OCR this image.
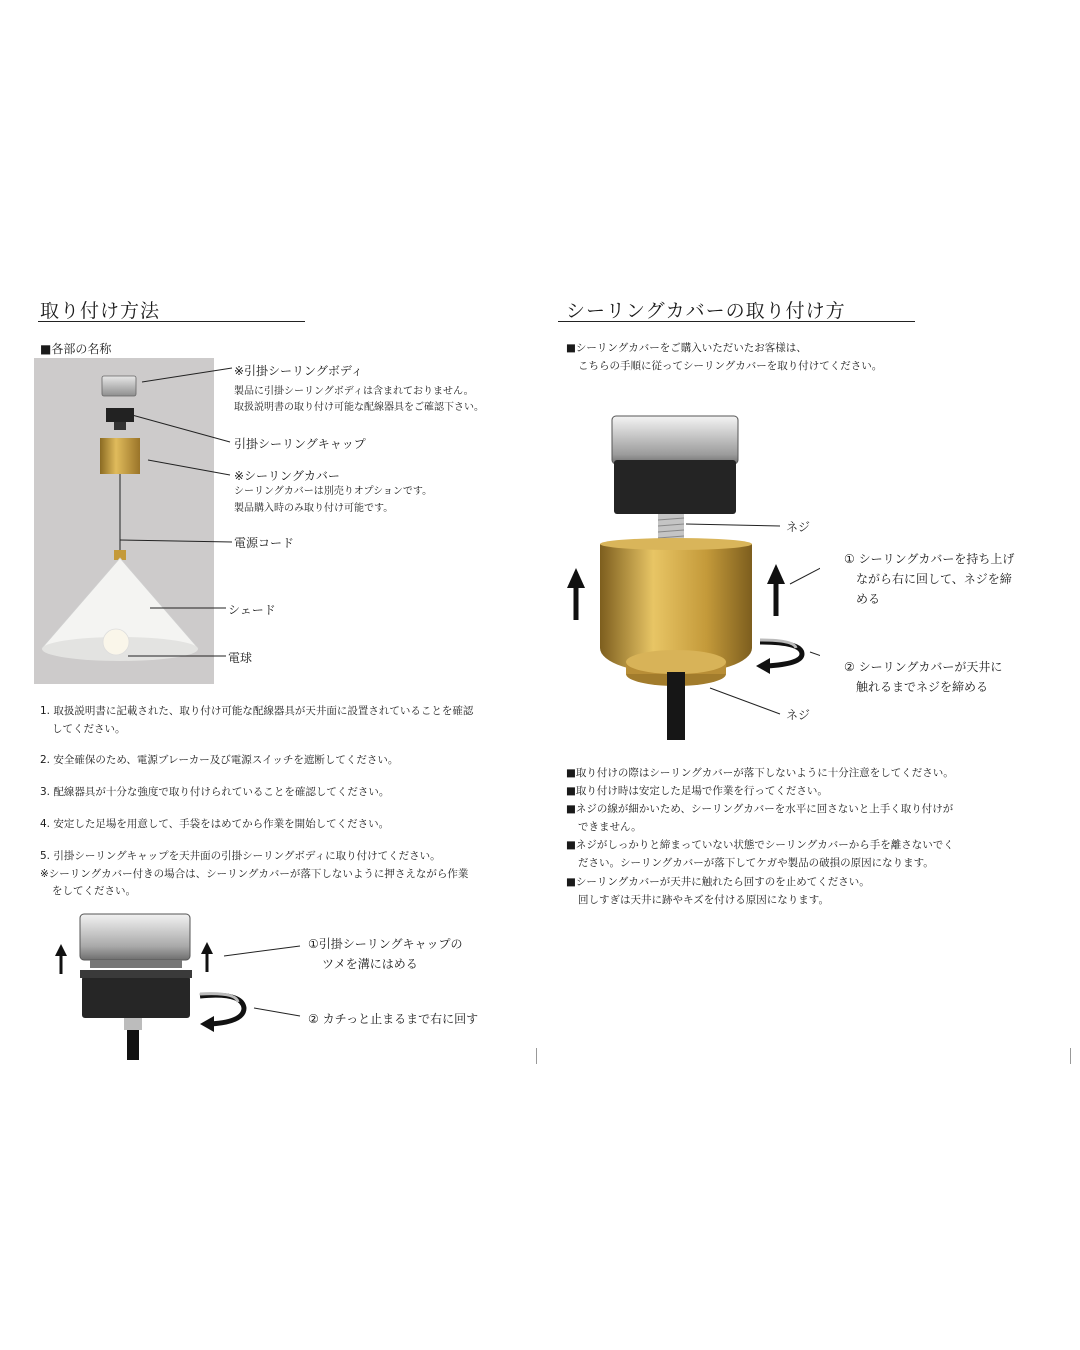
取り付け方法
■各部の名称
※引掛シーリングボディ
製品に引掛シーリングボディは含まれておりません。
取扱説明書の取り付け可能な配線器具をご確認下さい。
引掛シーリングキャップ
※シーリングカバー
シーリングカバーは別売りオプションです。
製品購入時のみ取り付け可能です。
電源コード
シェード
電球
1. 取扱説明書に記載された、取り付け可能な配線器具が天井面に設置されていることを確認
してください。
2. 安全確保のため、電源ブレーカー及び電源スイッチを遮断してください。
3. 配線器具が十分な強度で取り付けられていることを確認してください。
4. 安定した足場を用意して、手袋をはめてから作業を開始してください。
5. 引掛シーリングキャップを天井面の引掛シーリングボディに取り付けてください。
※シーリングカバー付きの場合は、シーリングカバーが落下しないように押さえながら作業
をしてください。
①引掛シーリングキャップの
ツメを溝にはめる
② カチっと止まるまで右に回す
シーリングカバーの取り付け方
■シーリングカバーをご購入いただいたお客様は、
こちらの手順に従ってシーリングカバーを取り付けてください。
ネジ
ネジ
① シーリングカバーを持ち上げ
ながら右に回して、ネジを締
める
② シーリングカバーが天井に
触れるまでネジを締める
■取り付けの際はシーリングカバーが落下しないように十分注意をしてください。
■取り付け時は安定した足場で作業を行ってください。
■ネジの線が細かいため、シーリングカバーを水平に回さないと上手く取り付けが
できません。
■ネジがしっかりと締まっていない状態でシーリングカバーから手を離さないでく
ださい。シーリングカバーが落下してケガや製品の破損の原因になります。
■シーリングカバーが天井に触れたら回すのを止めてください。
回しすぎは天井に跡やキズを付ける原因になります。
